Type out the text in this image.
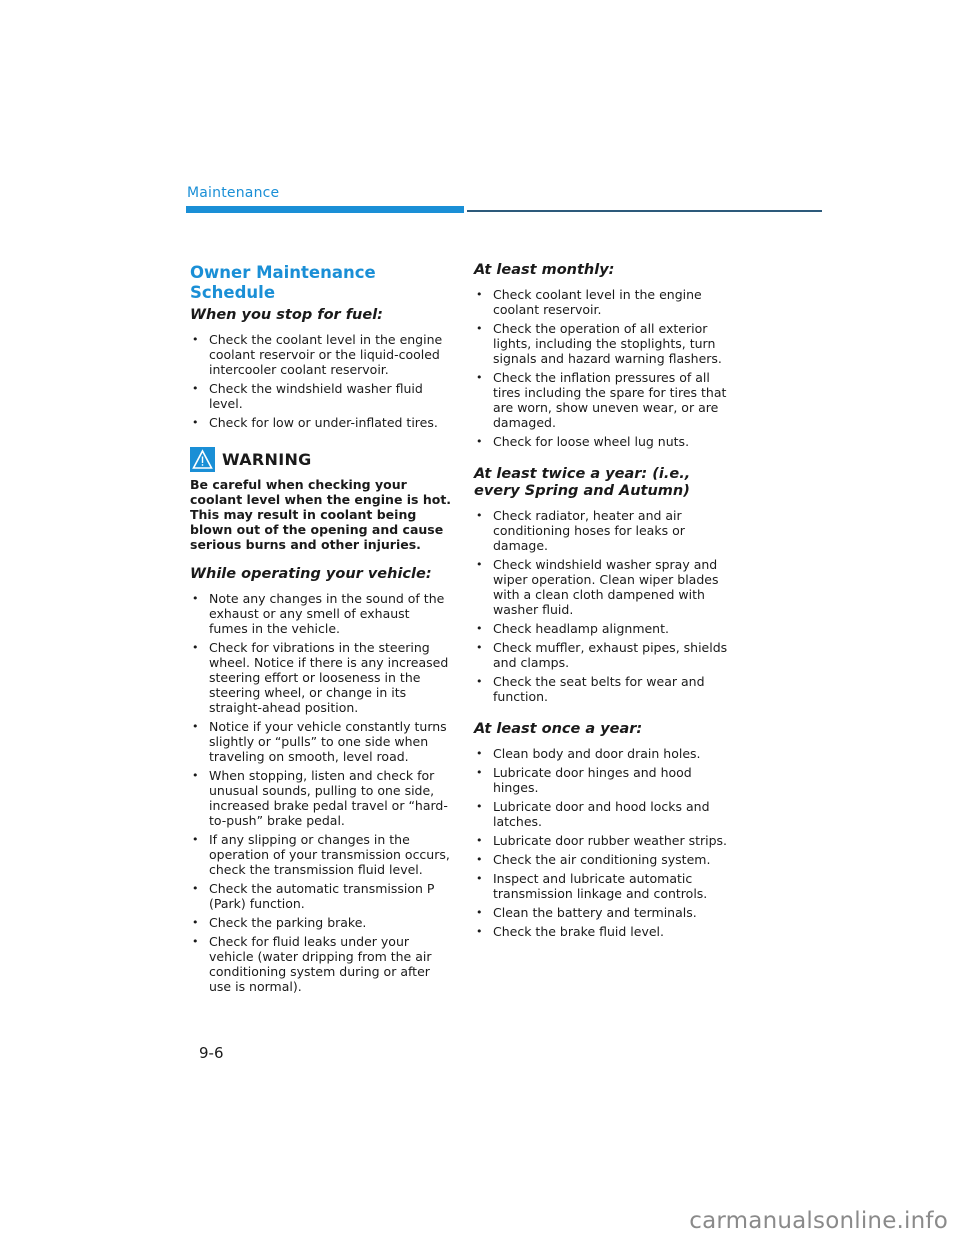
Maintenance
Owner Maintenance Schedule
When you stop for fuel:
• Check the coolant level in the engine coolant reservoir or the liquid-cooled intercooler coolant reservoir.
• Check the windshield washer fluid level.
• Check for low or under-inflated tires.
WARNING

Be careful when checking your coolant level when the engine is hot. This may result in coolant being blown out of the opening and cause serious burns and other injuries.

While operating your vehicle:
• Note any changes in the sound of the exhaust or any smell of exhaust fumes in the vehicle.
• Check for vibrations in the steering wheel. Notice if there is any increased steering effort or looseness in the steering wheel, or change in its straight-ahead position.
• Notice if your vehicle constantly turns slightly or “pulls” to one side when traveling on smooth, level road.
• When stopping, listen and check for unusual sounds, pulling to one side, increased brake pedal travel or “hard-to-push” brake pedal.
• If any slipping or changes in the operation of your transmission occurs, check the transmission fluid level.
• Check the automatic transmission P (Park) function.
• Check the parking brake.
• Check for fluid leaks under your vehicle (water dripping from the air conditioning system during or after use is normal).
At least monthly:
• Check coolant level in the engine coolant reservoir.
• Check the operation of all exterior lights, including the stoplights, turn signals and hazard warning flashers.
• Check the inflation pressures of all tires including the spare for tires that are worn, show uneven wear, or are damaged.
• Check for loose wheel lug nuts.
At least twice a year: (i.e., every Spring and Autumn)
• Check radiator, heater and air conditioning hoses for leaks or damage.
• Check windshield washer spray and wiper operation. Clean wiper blades with a clean cloth dampened with washer fluid.
• Check headlamp alignment.
• Check muffler, exhaust pipes, shields and clamps.
• Check the seat belts for wear and function.
At least once a year:
• Clean body and door drain holes.
• Lubricate door hinges and hood hinges.
• Lubricate door and hood locks and latches.
• Lubricate door rubber weather strips.
• Check the air conditioning system.
• Inspect and lubricate automatic transmission linkage and controls.
• Clean the battery and terminals.
• Check the brake fluid level.
9-6
carmanualsonline.info
